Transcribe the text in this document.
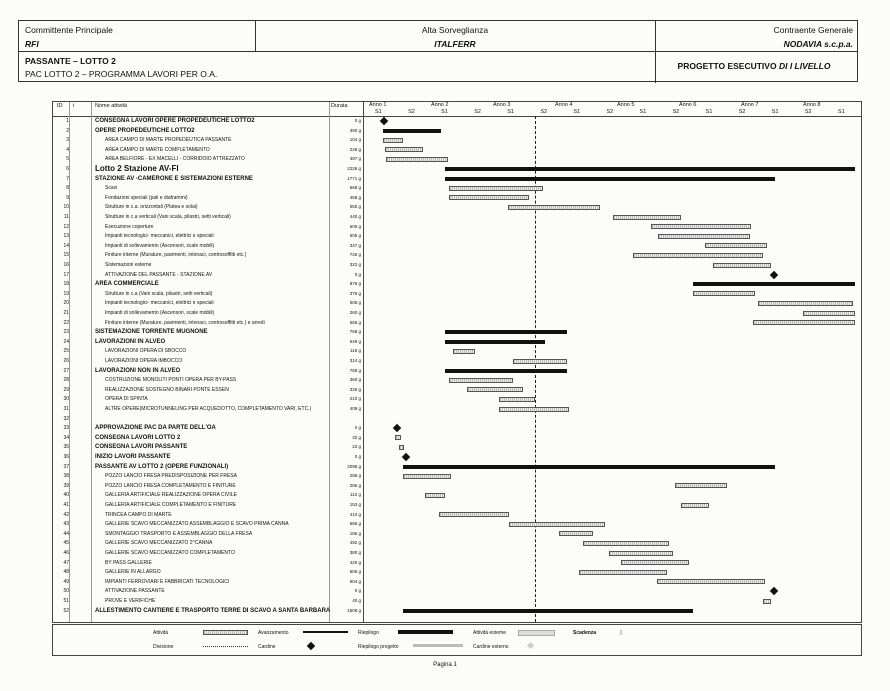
Committente Principale
RFI
Alta Sorveglianza
ITALFERR
Contraente Generale
NODAVIA s.c.p.a.
PASSANTE – LOTTO 2
PAC LOTTO 2 – PROGRAMMA LAVORI PER O.A.
PROGETTO ESECUTIVO DI I LIVELLO
ID i	Nome attività	Durata	Anno 1	Anno 2	Anno 3	Anno 4	Anno 5	Anno 6	Anno 7	Anno 8
S1	S2	S1	S2	S1	S2	S1	S2	S1	S2	S1	S2	S1	S2	S1
1	CONSEGNA LAVORI OPERE PROPEDEUTICHE LOTTO2	0 g
2	OPERE PROPEDEUTICHE LOTTO2	390 g
3	AREA CAMPO DI MARTE PROPEDEUTICA PASSANTE	104 g
4	AREA CAMPO DI MARTE COMPLETAMENTO	228 g
5	AREA BELFIORE - EX MACELLI - CORRIDOIO ATTREZZATO	387 g
6	Lotto 2 Stazione AV-FI	2226 g
7	STAZIONE AV -CAMERONE E SISTEMAZIONI ESTERNE	1771 g
8	Scavi	568 g
9	Fondazioni speciali (pali e diaframmi)	458 g
10	Strutture in c.a. orizzontali (Platea e solai)	550 g
11	Strutture in c.a verticali (Vani scala, pilastri, setti verticali)	440 g
12	Esecuzione coperture	605 g
13	Impianti tecnologici- meccanici, elettrici e speciali	605 g
14	Impianti di sollevamento (Ascensori, scale mobili)	347 g
15	Finiture interne (Murature, pavimenti, intonaci, controsoffitti etc.)	726 g
16	Sistemazioni esterne	322 g
17	ATTIVAZIONE DEL PASSANTE - STAZIONE AV	0 g
18	AREA COMMERCIALE	876 g
19	Strutture in c.a (Vani scala, pilastri, setti verticali)	375 g
20	Impianti tecnologici- meccanici, elettrici e speciali	505 g
21	Impianti di sollevamento (Ascensori, scale mobili)	260 g
22	Finiture interne (Murature, pavimenti, intonaci, controsoffitti etc.) e arredi	566 g
23	SISTEMAZIONE TORRENTE MUGNONE	768 g
24	LAVORAZIONI IN ALVEO	549 g
25	LAVORAZIONI OPERA DI SBOCCO	116 g
26	LAVORAZIONI OPERA IMBOCCO	314 g
27	LAVORAZIONI NON IN ALVEO	768 g
28	COSTRUZIONE MONOLITI PONTI OPERA PER BY-PASS	360 g
29	REALIZZAZIONE SOSTEGNO BINARI PONTE ESSEN	325 g
30	OPERA DI SPINTA	210 g
31	ALTRE OPERE(MICROTUNNELING PER ACQUEDOTTO, COMPLETAMENTO VARI, ETC.)	408 g
32
33	APPROVAZIONE PAC DA PARTE DELL'OA	0 g
34	CONSEGNA LAVORI LOTTO 2	32 g
35	CONSEGNA LAVORI PASSANTE	23 g
36	INIZIO LAVORI PASSANTE	0 g
37	PASSANTE AV LOTTO 2 (OPERE FUNZIONALI)	2095 g
38	POZZO LANCIO FRESA PREDISPOSIZIONE PER FRESA	286 g
39	POZZO LANCIO FRESA COMPLETAMENTO E FINITURE	286 g
40	GALLERIA ARTIFICIALE REALIZZAZIONE OPERA CIVILE	112 g
41	GALLERIA ARTIFICIALE COMPLETAMENTO E FINITURE	153 g
42	TRINCEA CAMPO DI MARTE	410 g
43	GALLERIE SCAVO MECCANIZZATO ASSEMBLAGGIO E SCAVO PRIMA CANNA	566 g
44	SMONTAGGIO TRASPORTO E ASSEMBLAGGIO DELLA FRESA	186 g
45	GALLERIE SCAVO MECCANIZZATO 2^CANNA	492 g
46	GALLERIE SCAVO MECCANIZZATO COMPLETAMENTO	380 g
47	BY PASS GALLERIE	420 g
48	GALLERIE IN ALLARGO	506 g
49	IMPIANTI FERROVIARI E FABBRICATI TECNOLOGICI	604 g
50	ATTIVAZIONE PASSANTE	0 g
51	PROVE E VERIFICHE	40 g
52	ALLESTIMENTO CANTIERE E TRASPORTO TERRE DI SCAVO A SANTA BARBARA	1508 g
Attività
Divisione
Avanzamento
Cardine
Riepilogo
Riepilogo progetto
Attività esterne
Cardine esterno
Scadenza	⇩
Pagina 1
